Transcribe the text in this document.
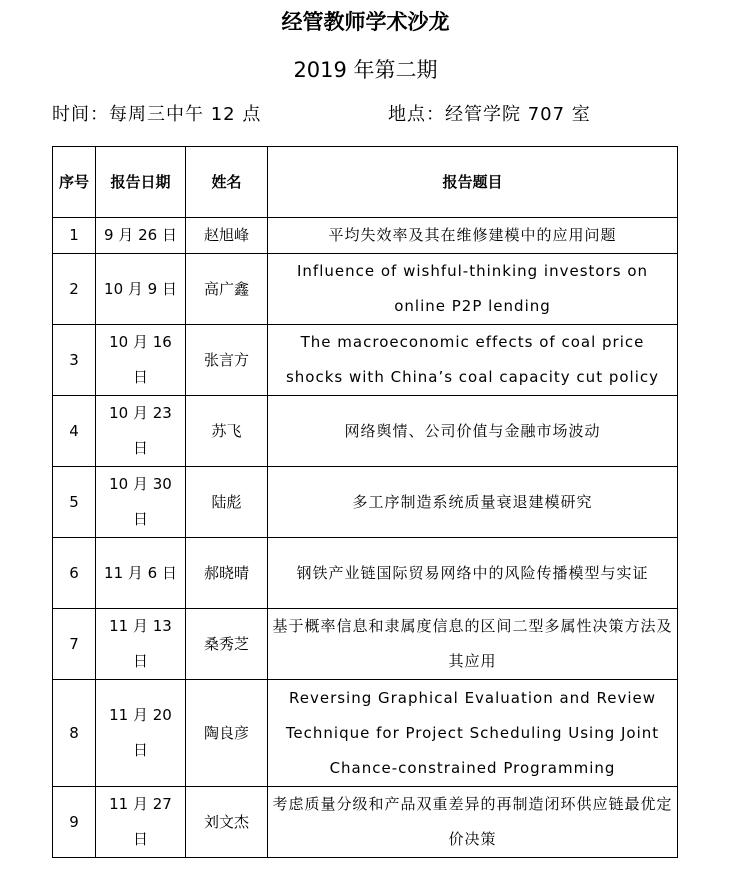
经管教师学术沙龙
2019 年第二期
时间：每周三中午 12 点	地点：经管学院 707 室
序号	报告日期	姓名	报告题目
1	9 月 26 日	赵旭峰	平均失效率及其在维修建模中的应用问题
2	10 月 9 日	高广鑫	Influence of wishful-thinking investors on online P2P lending
3	10 月 16 日	张言方	The macroeconomic effects of coal price shocks with China’s coal capacity cut policy
4	10 月 23 日	苏飞	网络舆情、公司价值与金融市场波动
5	10 月 30 日	陆彪	多工序制造系统质量衰退建模研究
6	11 月 6 日	郝晓晴	钢铁产业链国际贸易网络中的风险传播模型与实证
7	11 月 13 日	桑秀芝	基于概率信息和隶属度信息的区间二型多属性决策方法及其应用
8	11 月 20 日	陶良彦	Reversing Graphical Evaluation and Review Technique for Project Scheduling Using Joint Chance-constrained Programming
9	11 月 27 日	刘文杰	考虑质量分级和产品双重差异的再制造闭环供应链最优定价决策
